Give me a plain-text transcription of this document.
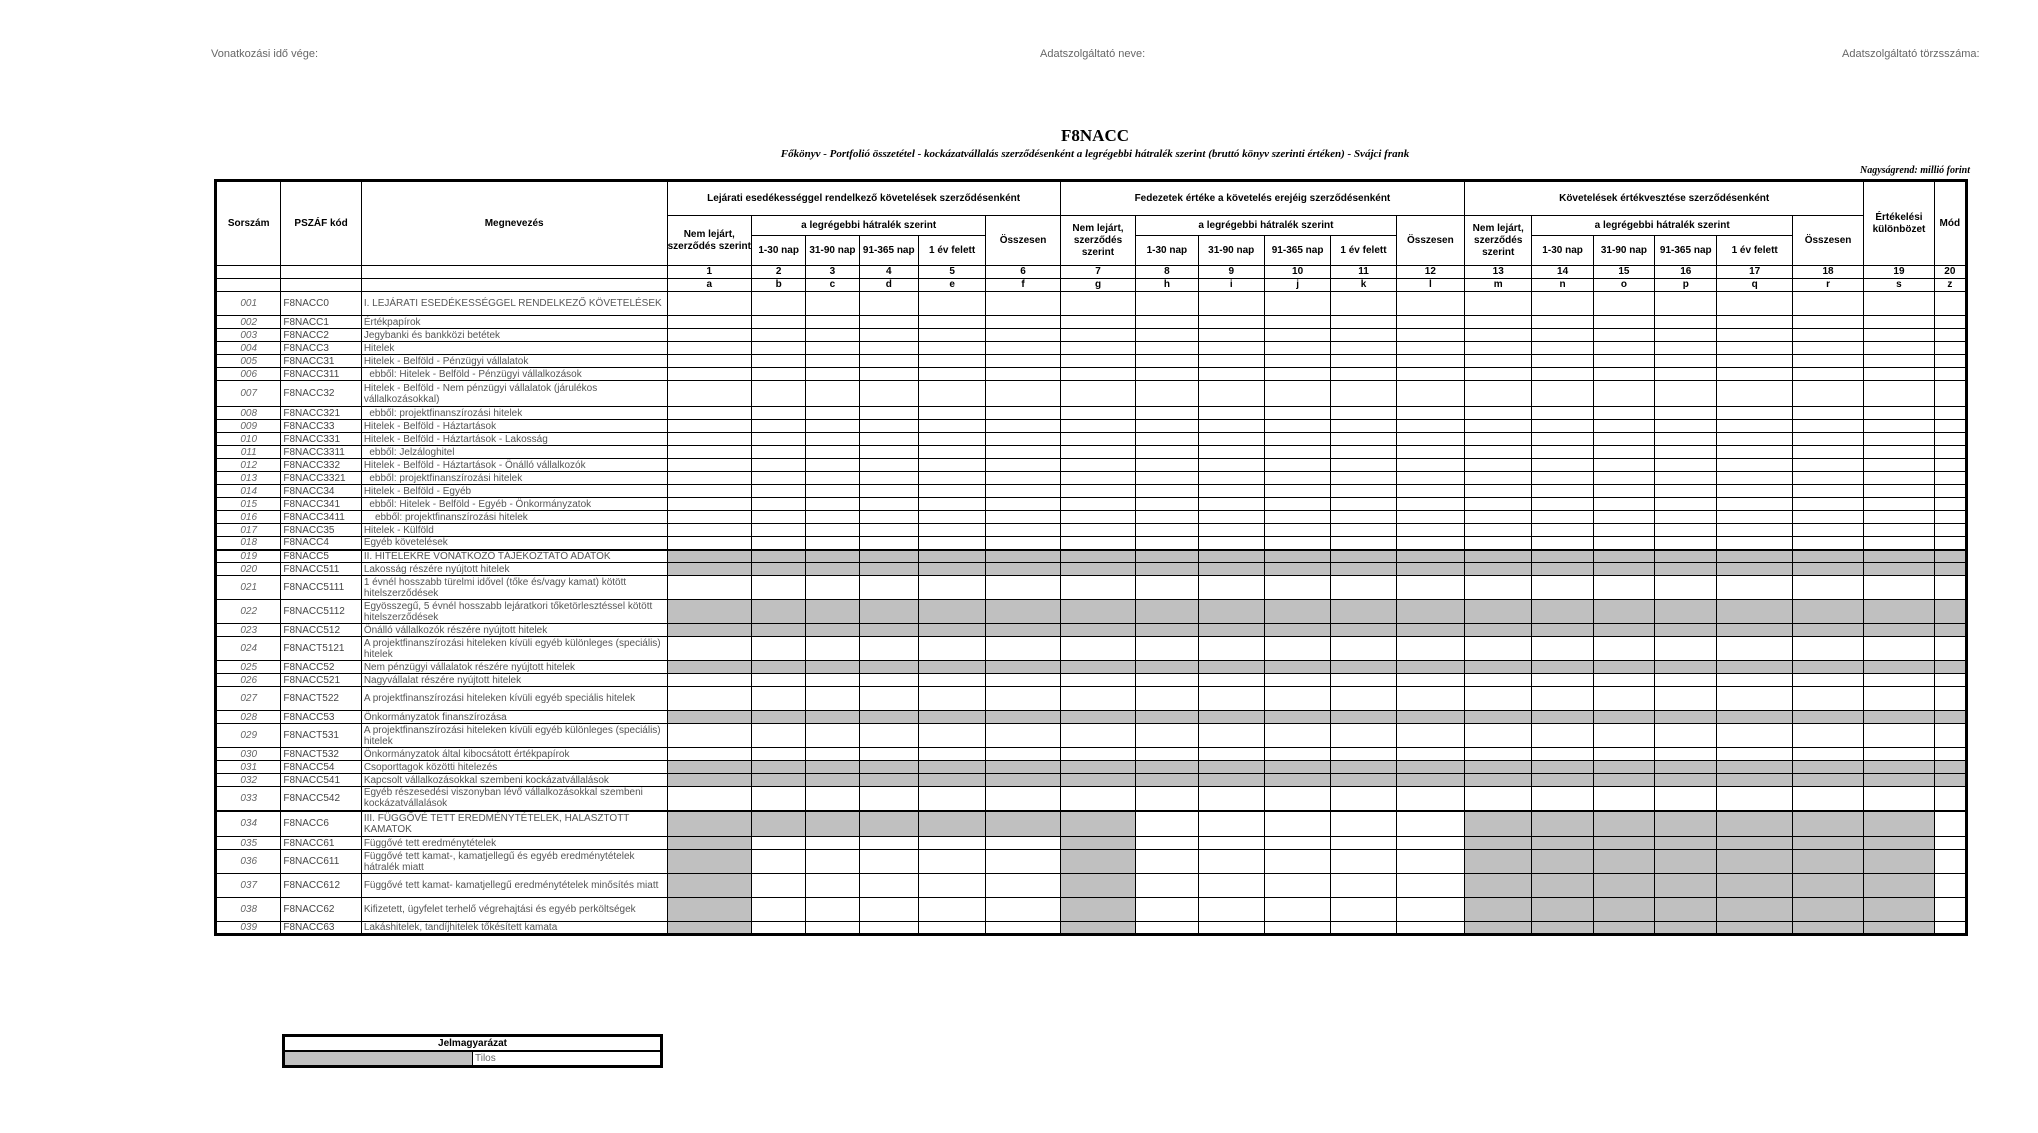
Vonatkozási idő vége:	Adatszolgáltató neve:	Adatszolgáltató törzsszáma:
F8NACC
Főkönyv - Portfolió összetétel - kockázatvállalás szerződésenként a legrégebbi hátralék szerint (bruttó könyv szerinti értéken) - Svájci frank
Nagyságrend: millió forint
Sorszám	PSZÁF kód	Megnevezés	Lejárati esedékességgel rendelkező követelések szerződésenként						Fedezetek értéke a követelés erejéig szerződésenként						Követelések értékvesztése szerződésenként						Értékelési különbözet	Mód
			Nem lejárt, szerződés szerint	a legrégebbi hátralék szerint				Összesen	Nem lejárt, szerződés szerint	a legrégebbi hátralék szerint				Összesen	Nem lejárt, szerződés szerint	a legrégebbi hátralék szerint				Összesen		
				1-30 nap	31-90 nap	91-365 nap	1 év felett			1-30 nap	31-90 nap	91-365 nap	1 év felett			1-30 nap	31-90 nap	91-365 nap	1 év felett			
			1	2	3	4	5	6	7	8	9	10	11	12	13	14	15	16	17	18	19	20
			a	b	c	d	e	f	g	h	i	j	k	l	m	n	o	p	q	r	s	z
001	F8NACC0	I. LEJÁRATI ESEDÉKESSÉGGEL RENDELKEZŐ KÖVETELÉSEK																				
002	F8NACC1	Értékpapírok																				
003	F8NACC2	Jegybanki és bankközi betétek																				
004	F8NACC3	Hitelek																				
005	F8NACC31	Hitelek - Belföld - Pénzügyi vállalatok																				
006	F8NACC311	ebből: Hitelek - Belföld - Pénzügyi vállalkozások																				
007	F8NACC32	Hitelek - Belföld - Nem pénzügyi vállalatok (járulékos vállalkozásokkal)																				
008	F8NACC321	ebből: projektfinanszírozási hitelek																				
009	F8NACC33	Hitelek - Belföld - Háztartások																				
010	F8NACC331	Hitelek - Belföld - Háztartások - Lakosság																				
011	F8NACC3311	ebből: Jelzáloghitel																				
012	F8NACC332	Hitelek - Belföld - Háztartások - Önálló vállalkozók																				
013	F8NACC3321	ebből: projektfinanszírozási hitelek																				
014	F8NACC34	Hitelek - Belföld - Egyéb																				
015	F8NACC341	ebből: Hitelek - Belföld - Egyéb - Önkormányzatok																				
016	F8NACC3411	ebből: projektfinanszírozási hitelek																				
017	F8NACC35	Hitelek - Külföld																				
018	F8NACC4	Egyéb követelések																				
019	F8NACC5	II. HITELEKRE VONATKOZÓ TÁJÉKOZTATÓ ADATOK																				
020	F8NACC511	Lakosság részére nyújtott hitelek																				
021	F8NACC5111	1 évnél hosszabb türelmi idővel (tőke és/vagy kamat) kötött hitelszerződések																				
022	F8NACC5112	Egyösszegű, 5 évnél hosszabb lejáratkori tőketörlesztéssel kötött hitelszerződések																				
023	F8NACC512	Önálló vállalkozók részére nyújtott hitelek																				
024	F8NACT5121	A projektfinanszírozási hiteleken kívüli egyéb különleges (speciális) hitelek																				
025	F8NACC52	Nem pénzügyi vállalatok részére nyújtott hitelek																				
026	F8NACC521	Nagyvállalat részére nyújtott hitelek																				
027	F8NACT522	A projektfinanszírozási hiteleken kívüli egyéb speciális hitelek																				
028	F8NACC53	Önkormányzatok finanszírozása																				
029	F8NACT531	A projektfinanszírozási hiteleken kívüli egyéb különleges (speciális) hitelek																				
030	F8NACT532	Önkormányzatok által kibocsátott értékpapírok																				
031	F8NACC54	Csoporttagok közötti hitelezés																				
032	F8NACC541	Kapcsolt vállalkozásokkal szembeni kockázatvállalások																				
033	F8NACC542	Egyéb részesedési viszonyban lévő vállalkozásokkal szembeni kockázatvállalások																				
034	F8NACC6	III. FÜGGŐVÉ TETT EREDMÉNYTÉTELEK, HALASZTOTT KAMATOK																				
035	F8NACC61	Függővé tett eredménytételek																				
036	F8NACC611	Függővé tett kamat-, kamatjellegű és egyéb eredménytételek hátralék miatt																				
037	F8NACC612	Függővé tett kamat- kamatjellegű eredménytételek minősítés miatt																				
038	F8NACC62	Kifizetett, ügyfelet terhelő végrehajtási és egyéb perköltségek																				
039	F8NACC63	Lakáshitelek, tandíjhitelek tőkésített kamata																				
Jelmagyarázat
	Tilos
